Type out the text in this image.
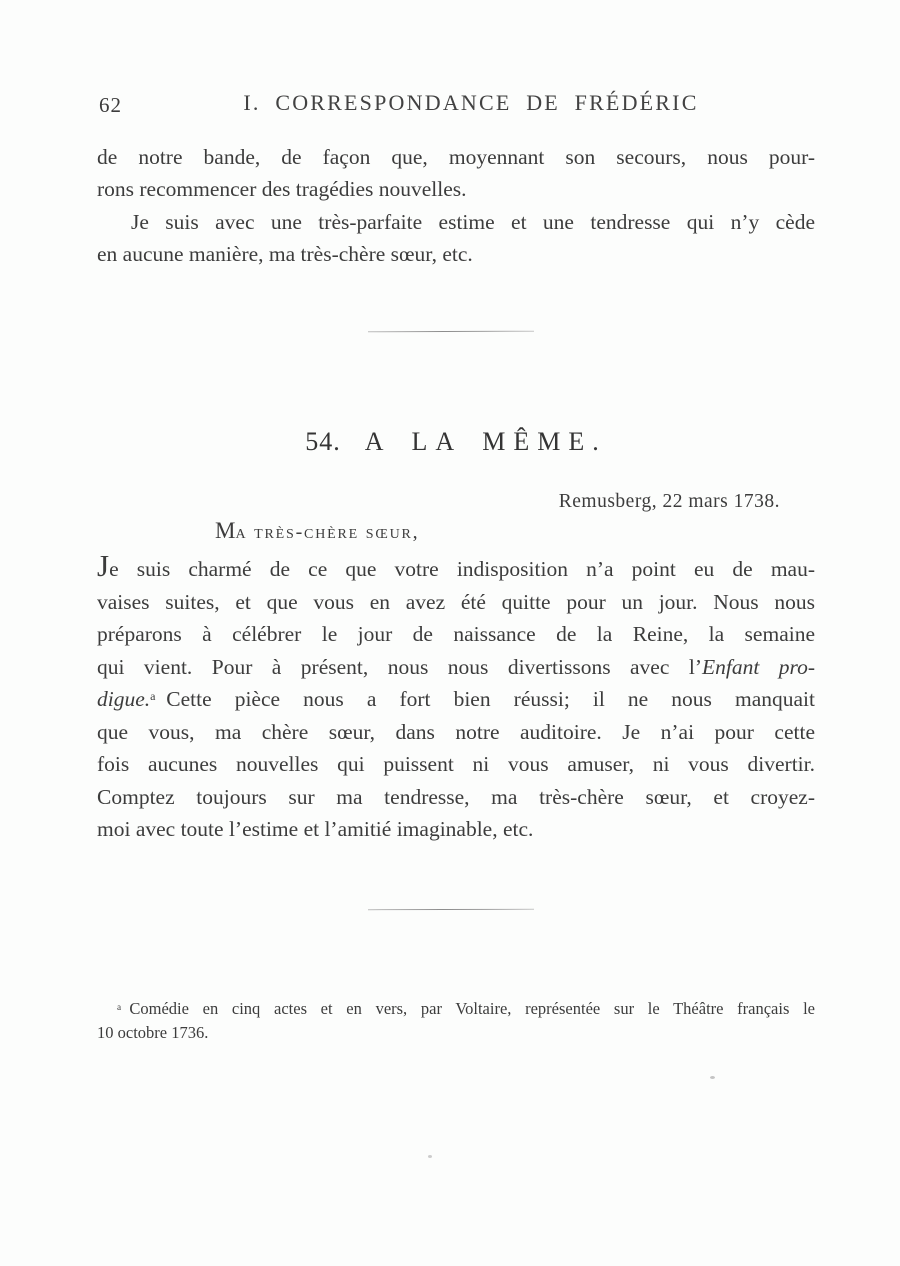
62	I. CORRESPONDANCE DE FRÉDÉRIC
de notre bande, de façon que, moyennant son secours, nous pour-
rons recommencer des tragédies nouvelles.
Je suis avec une très-parfaite estime et une tendresse qui n’y cède
en aucune manière, ma très-chère sœur, etc.
54. A LA MÊME.
Remusberg, 22 mars 1738.
Ma très-chère sœur,
Je suis charmé de ce que votre indisposition n’a point eu de mau-
vaises suites, et que vous en avez été quitte pour un jour. Nous nous
préparons à célébrer le jour de naissance de la Reine, la semaine
qui vient. Pour à présent, nous nous divertissons avec l’Enfant pro-
digue.$^a$ Cette pièce nous a fort bien réussi; il ne nous manquait
que vous, ma chère sœur, dans notre auditoire. Je n’ai pour cette
fois aucunes nouvelles qui puissent ni vous amuser, ni vous divertir.
Comptez toujours sur ma tendresse, ma très-chère sœur, et croyez-
moi avec toute l’estime et l’amitié imaginable, etc.
$^a$ Comédie en cinq actes et en vers, par Voltaire, représentée sur le Théâtre français le
10 octobre 1736.
